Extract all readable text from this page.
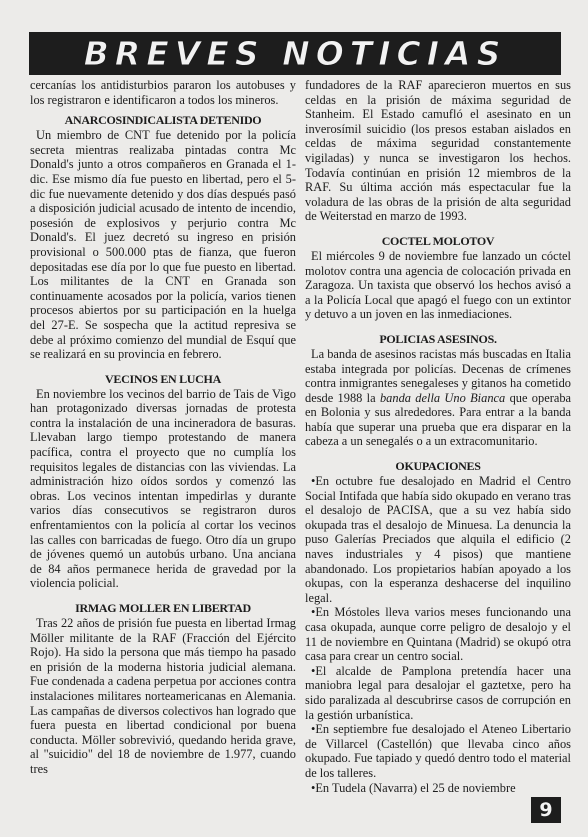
BREVES NOTICIAS

cercanías los antidisturbios pararon los autobuses y los registraron e identificaron a todos los mineros.

ANARCOSINDICALISTA DETENIDO

Un miembro de CNT fue detenido por la policía secreta mientras realizaba pintadas contra Mc Donald's junto a otros compañeros en Granada el 1-dic. Ese mismo día fue puesto en libertad, pero el 5-dic fue nuevamente detenido y dos días después pasó a disposición judicial acusado de intento de incendio, posesión de explosivos y perjurio contra Mc Donald's. El juez decretó su ingreso en prisión provisional o 500.000 ptas de fianza, que fueron depositadas ese día por lo que fue puesto en libertad. Los militantes de la CNT en Granada son continuamente acosados por la policía, varios tienen procesos abiertos por su participación en la huelga del 27-E. Se sospecha que la actitud represiva se debe al próximo comienzo del mundial de Esquí que se realizará en su provincia en febrero.

VECINOS EN LUCHA

En noviembre los vecinos del barrio de Tais de Vigo han protagonizado diversas jornadas de protesta contra la instalación de una incineradora de basuras. Llevaban largo tiempo protestando de manera pacífica, contra el proyecto que no cumplía los requisitos legales de distancias con las viviendas. La administración hizo oídos sordos y comenzó las obras. Los vecinos intentan impedirlas y durante varios días consecutivos se registraron duros enfrentamientos con la policía al cortar los vecinos las calles con barricadas de fuego. Otro día un grupo de jóvenes quemó un autobús urbano. Una anciana de 84 años permanece herida de gravedad por la violencia policial.

IRMAG MOLLER EN LIBERTAD

Tras 22 años de prisión fue puesta en libertad Irmag Möller militante de la RAF (Fracción del Ejército Rojo). Ha sido la persona que más tiempo ha pasado en prisión de la moderna historia judicial alemana. Fue condenada a cadena perpetua por acciones contra instalaciones militares norteamericanas en Alemania. Las campañas de diversos colectivos han logrado que fuera puesta en libertad condicional por buena conducta. Möller sobrevivió, quedando herida grave, al "suicidio" del 18 de noviembre de 1.977, cuando tres

fundadores de la RAF aparecieron muertos en sus celdas en la prisión de máxima seguridad de Stanheim. El Estado camufló el asesinato en un inverosímil suicidio (los presos estaban aislados en celdas de máxima seguridad constantemente vigiladas) y nunca se investigaron los hechos. Todavía continúan en prisión 12 miembros de la RAF. Su última acción más espectacular fue la voladura de las obras de la prisión de alta seguridad de Weiterstad en marzo de 1993.

COCTEL MOLOTOV

El miércoles 9 de noviembre fue lanzado un cóctel molotov contra una agencia de colocación privada en Zaragoza. Un taxista que observó los hechos avisó a a la Policía Local que apagó el fuego con un extintor y detuvo a un joven en las inmediaciones.

POLICIAS ASESINOS.

La banda de asesinos racistas más buscadas en Italia estaba integrada por policías. Decenas de crímenes contra inmigrantes senegaleses y gitanos ha cometido desde 1988 la banda della Uno Bianca que operaba en Bolonia y sus alrededores. Para entrar a la banda había que superar una prueba que era disparar en la cabeza a un senegalés o a un extracomunitario.

OKUPACIONES

•En octubre fue desalojado en Madrid el Centro Social Intifada que había sido okupado en verano tras el desalojo de PACISA, que a su vez había sido okupada tras el desalojo de Minuesa. La denuncia la puso Galerías Preciados que alquila el edificio (2 naves industriales y 4 pisos) que mantiene abandonado. Los propietarios habían apoyado a los okupas, con la esperanza deshacerse del inquilino legal.

•En Móstoles lleva varios meses funcionando una casa okupada, aunque corre peligro de desalojo y el 11 de noviembre en Quintana (Madrid) se okupó otra casa para crear un centro social.

•El alcalde de Pamplona pretendía hacer una maniobra legal para desalojar el gaztetxe, pero ha sido paralizada al descubrirse casos de corrupción en la gestión urbanística.

•En septiembre fue desalojado el Ateneo Libertario de Villarcel (Castellón) que llevaba cinco años okupado. Fue tapiado y quedó dentro todo el material de los talleres.

•En Tudela (Navarra) el 25 de noviembre

9
